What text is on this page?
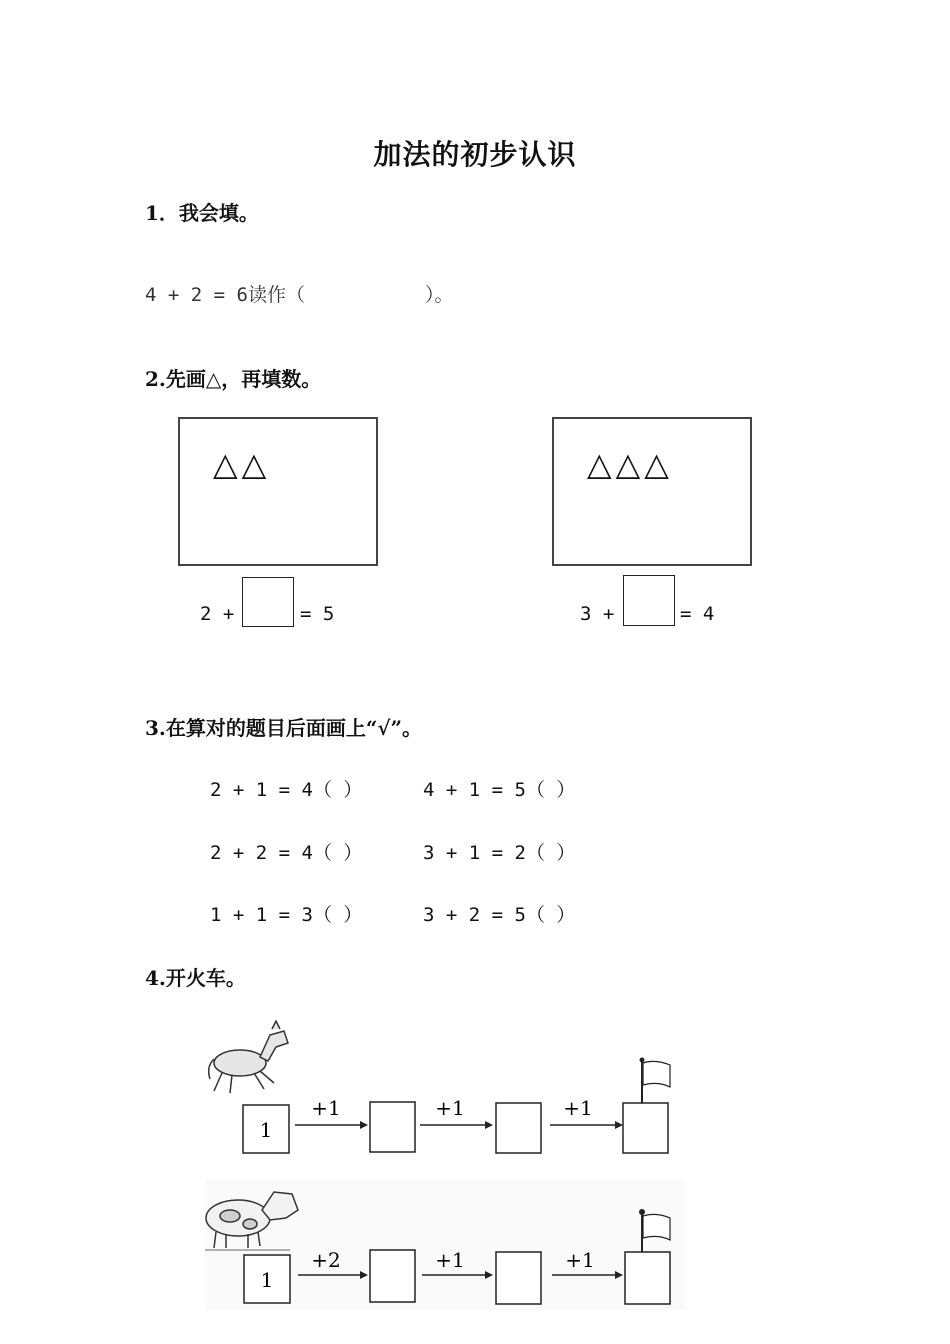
加法的初步认识
1．我会填。
4 + 2 = 6读作（	）。
2.先画△，再填数。
△△
2 +	= 5
△△△
3 +	= 4
3.在算对的题目后面画上“√”。
2 + 1 = 4（ ）	4 + 1 = 5（ ）
2 + 2 = 4（ ）	3 + 1 = 2（ ）
1 + 1 = 3（ ）	3 + 2 = 5（ ）
4.开火车。
1
+1	+1	+1
1
+2	+1	+1
